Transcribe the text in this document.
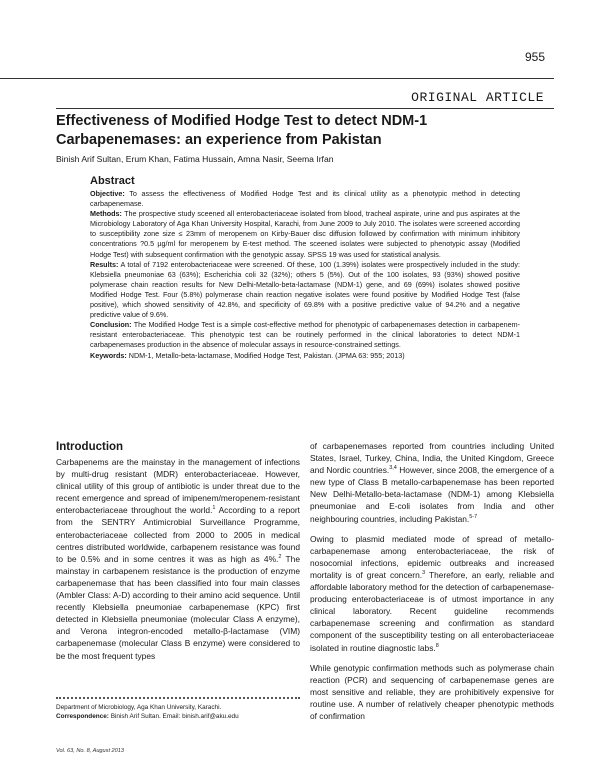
955
ORIGINAL ARTICLE
Effectiveness of Modified Hodge Test to detect NDM-1 Carbapenemases: an experience from Pakistan
Binish Arif Sultan, Erum Khan, Fatima Hussain, Amna Nasir, Seema Irfan
Abstract

Objective: To assess the effectiveness of Modified Hodge Test and its clinical utility as a phenotypic method in detecting carbapenemase.

Methods: The prospective study sceened all enterobacteriaceae isolated from blood, tracheal aspirate, urine and pus aspirates at the Microbiology Laboratory of Aga Khan University Hospital, Karachi, from June 2009 to July 2010. The isolates were screened according to susceptibility zone size ≤ 23mm of meropenem on Kirby-Bauer disc diffusion followed by confirmation with minimum inhibitory concentrations ?0.5 µg/ml for meropenem by E-test method. The sceened isolates were subjected to phenotypic assay (Modified Hodge Test) with subsequent confirmation with the genotypic assay. SPSS 19 was used for statistical analysis.

Results: A total of 7192 enterobacteriaceae were screened. Of these, 100 (1.39%) isolates were prospectively included in the study: Klebsiella pneumoniae 63 (63%); Escherichia coli 32 (32%); others 5 (5%). Out of the 100 isolates, 93 (93%) showed positive polymerase chain reaction results for New Delhi-Metallo-beta-lactamase (NDM-1) gene, and 69 (69%) isolates showed positive Modified Hodge Test. Four (5.8%) polymerase chain reaction negative isolates were found positive by Modified Hodge Test (false positive), which showed sensitivity of 42.8%, and specificity of 69.8% with a positive predictive value of 94.2% and a negative predictive value of 9.6%.

Conclusion: The Modified Hodge Test is a simple cost-effective method for phenotypic of carbapenemases detection in carbapenem-resistant enterobacteriaceae. This phenotypic test can be routinely performed in the clinical laboratories to detect NDM-1 carbapenemases production in the absence of molecular assays in resource-constrained settings.

Keywords: NDM-1, Metallo-beta-lactamase, Modified Hodge Test, Pakistan. (JPMA 63: 955; 2013)

Introduction

Carbapenems are the mainstay in the management of infections by multi-drug resistant (MDR) enterobacteriaceae. However, clinical utility of this group of antibiotic is under threat due to the recent emergence and spread of imipenem/meropenem-resistant enterobacteriaceae throughout the world.$^1$ According to a report from the SENTRY Antimicrobial Surveillance Programme, enterobacteriaceae collected from 2000 to 2005 in medical centres distributed worldwide, carbapenem resistance was found to be 0.5% and in some centres it was as high as 4%.$^2$ The mainstay in carbapenem resistance is the production of enzyme carbapenemase that has been classified into four main classes (Ambler Class: A-D) according to their amino acid sequence. Until recently Klebsiella pneumoniae carbapenemase (KPC) first detected in Klebsiella pneumoniae (molecular Class A enzyme), and Verona integron-encoded metallo-β-lactamase (VIM) carbapenemase (molecular Class B enzyme) were considered to be the most frequent types

of carbapenemases reported from countries including United States, Israel, Turkey, China, India, the United Kingdom, Greece and Nordic countries.$^{3,4}$ However, since 2008, the emergence of a new type of Class B metallo-carbapenemase has been reported New Delhi-Metallo-beta-lactamase (NDM-1) among Klebsiella pneumoniae and E-coli isolates from India and other neighbouring countries, including Pakistan.$^{5-7}$

Owing to plasmid mediated mode of spread of metallo-carbapenemase among enterobacteriaceae, the risk of nosocomial infections, epidemic outbreaks and increased mortality is of great concern.$^3$ Therefore, an early, reliable and affordable laboratory method for the detection of carbapenemase-producing enterobacteriaceae is of utmost importance in any clinical laboratory. Recent guideline recommends carbapenemase screening and confirmation as standard component of the susceptibility testing on all enterobacteriaceae isolated in routine diagnostic labs.$^8$

While genotypic confirmation methods such as polymerase chain reaction (PCR) and sequencing of carbapenemase genes are most sensitive and reliable, they are prohibitively expensive for routine use. A number of relatively cheaper phenotypic methods of confirmation

Department of Microbiology, Aga Khan University, Karachi.
Correspondence: Binish Arif Sultan. Email: binish.arif@aku.edu
Vol. 63, No. 8, August 2013
